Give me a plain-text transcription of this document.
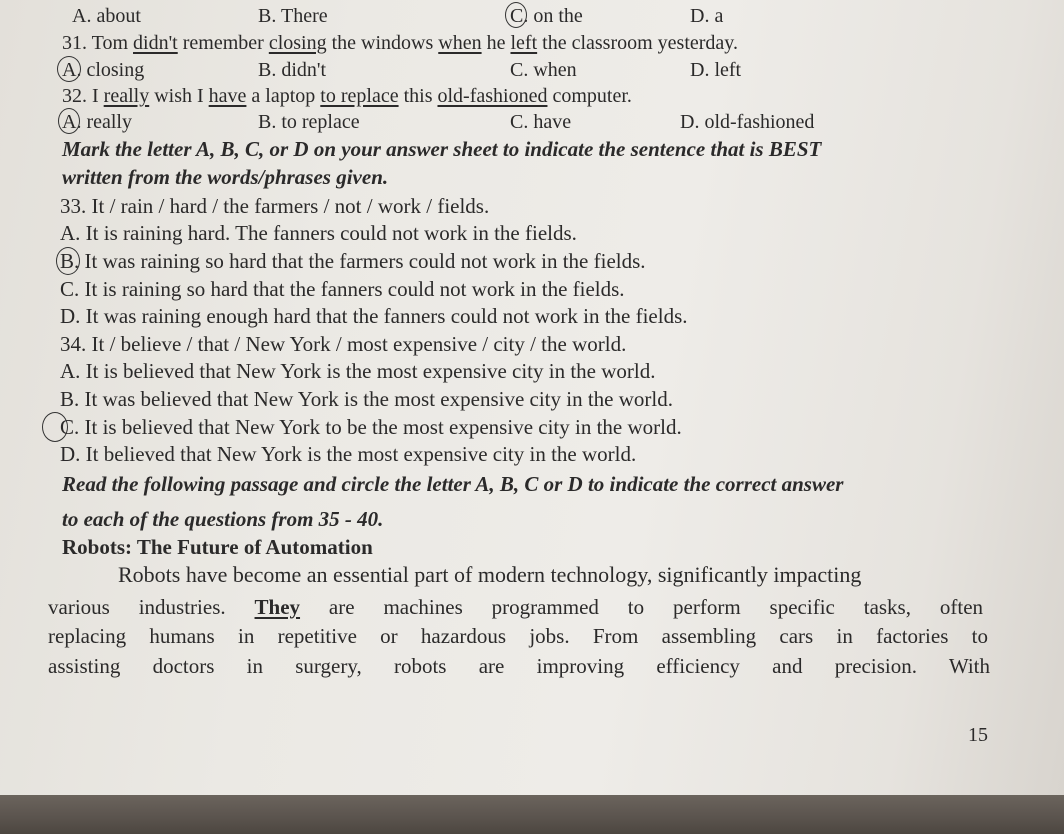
A. about	B. There	C. on the	D. a
31. Tom didn't remember closing the windows when he left the classroom yesterday.
A. closing	B. didn't	C. when	D. left
32. I really wish I have a laptop to replace this old-fashioned computer.
A. really	B. to replace	C. have	D. old-fashioned
Mark the letter A, B, C, or D on your answer sheet to indicate the sentence that is BEST
written from the words/phrases given.
33. It / rain / hard / the farmers / not / work / fields.
A. It is raining hard. The fanners could not work in the fields.
B. It was raining so hard that the farmers could not work in the fields.
C. It is raining so hard that the fanners could not work in the fields.
D. It was raining enough hard that the fanners could not work in the fields.
34. It / believe / that / New York / most expensive / city / the world.
A. It is believed that New York is the most expensive city in the world.
B. It was believed that New York is the most expensive city in the world.
C. It is believed that New York to be the most expensive city in the world.
D. It believed that New York is the most expensive city in the world.
Read the following passage and circle the letter A, B, C or D to indicate the correct answer
to each of the questions from 35 - 40.
Robots: The Future of Automation
Robots have become an essential part of modern technology, significantly impacting
various industries. They are machines programmed to perform specific tasks, often
replacing humans in repetitive or hazardous jobs. From assembling cars in factories to
assisting doctors in surgery, robots are improving efficiency and precision. With
15
